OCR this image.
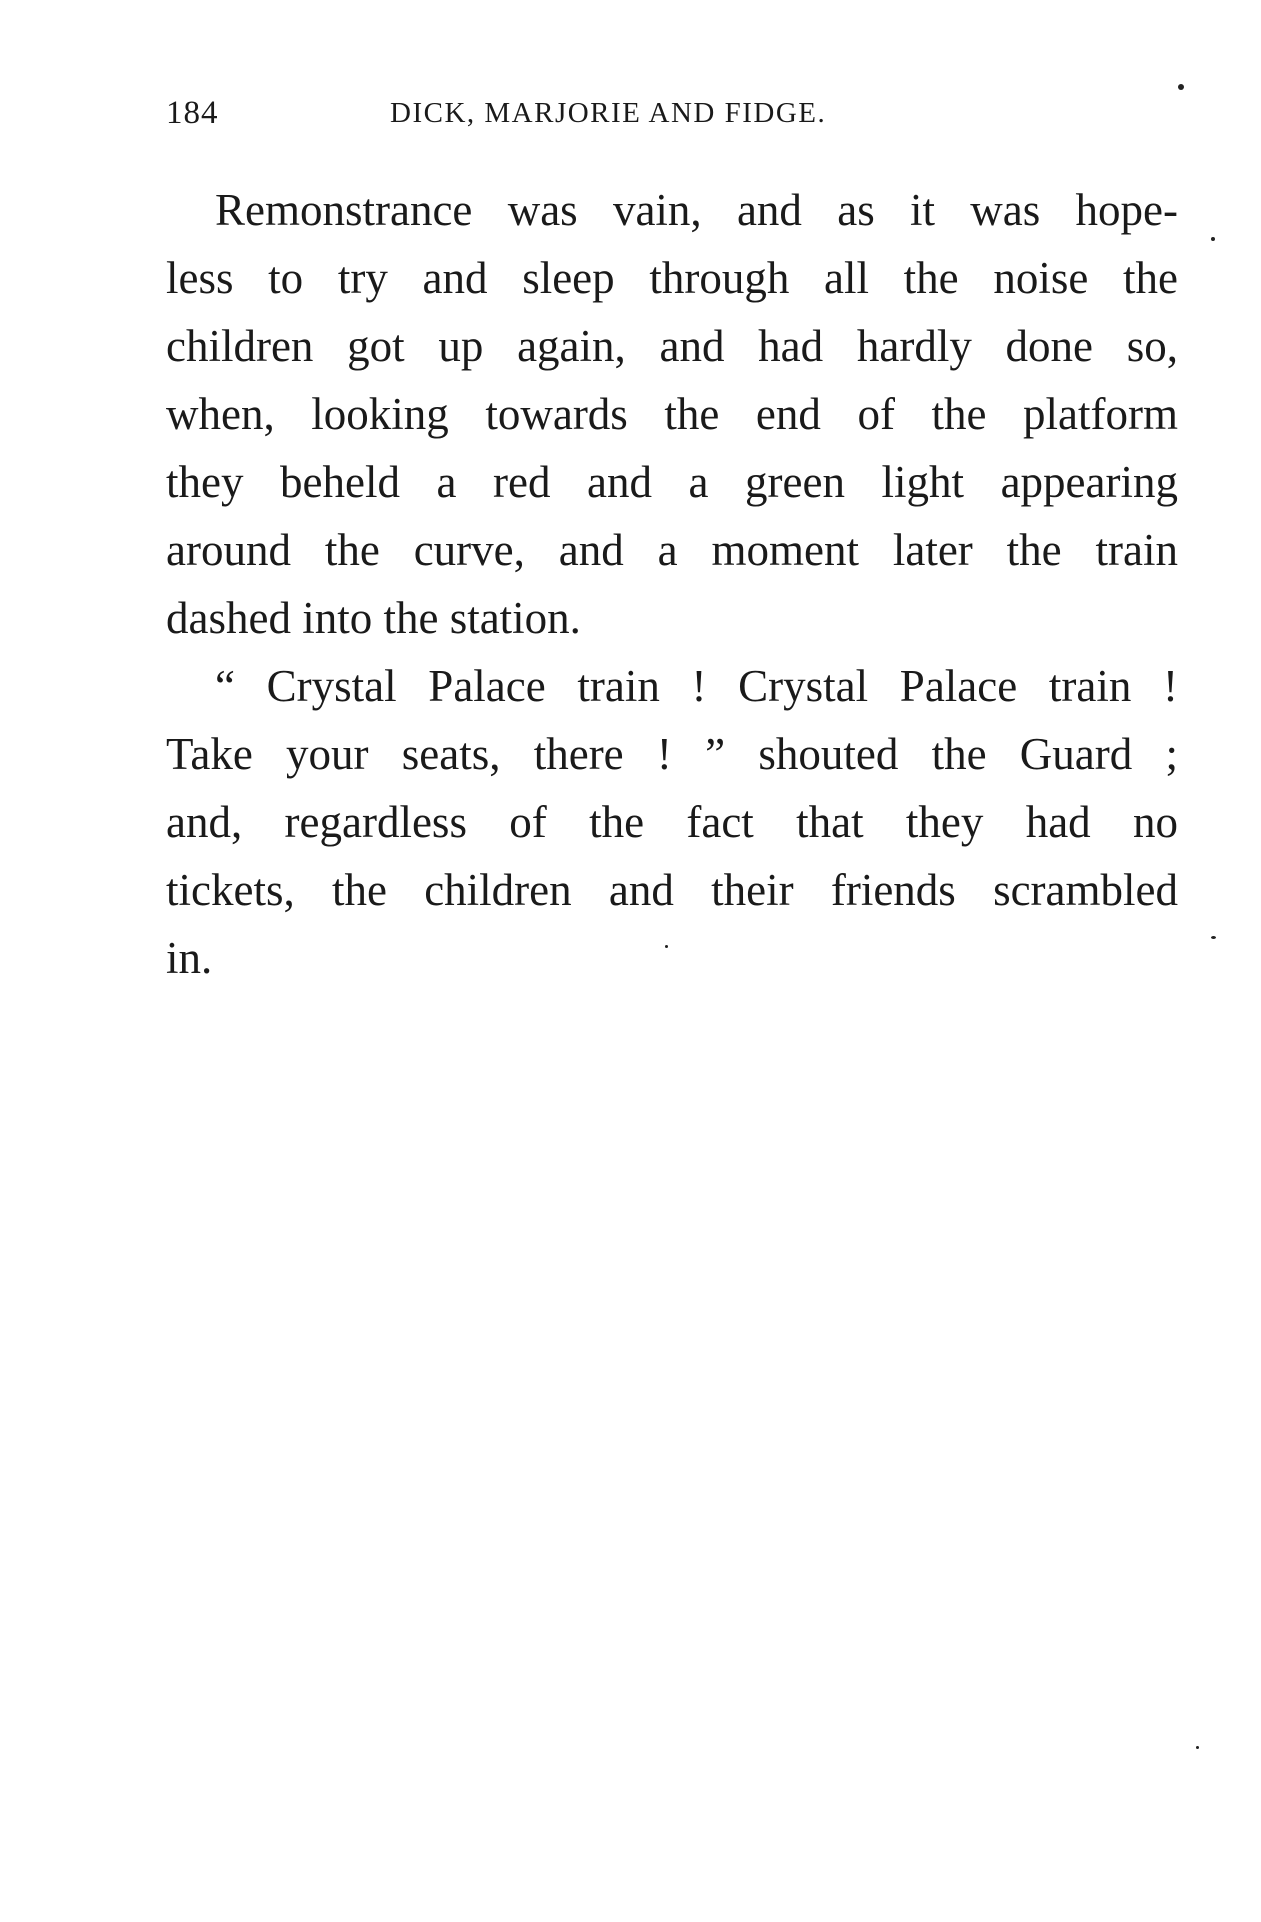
184	DICK, MARJORIE AND FIDGE.
Remonstrance was vain, and as it was hope-
less to try and sleep through all the noise the
children got up again, and had hardly done so,
when, looking towards the end of the platform
they beheld a red and a green light appearing
around the curve, and a moment later the train
dashed into the station.
“ Crystal Palace train ! Crystal Palace train !
Take your seats, there ! ” shouted the Guard ;
and, regardless of the fact that they had no
tickets, the children and their friends scrambled
in.
